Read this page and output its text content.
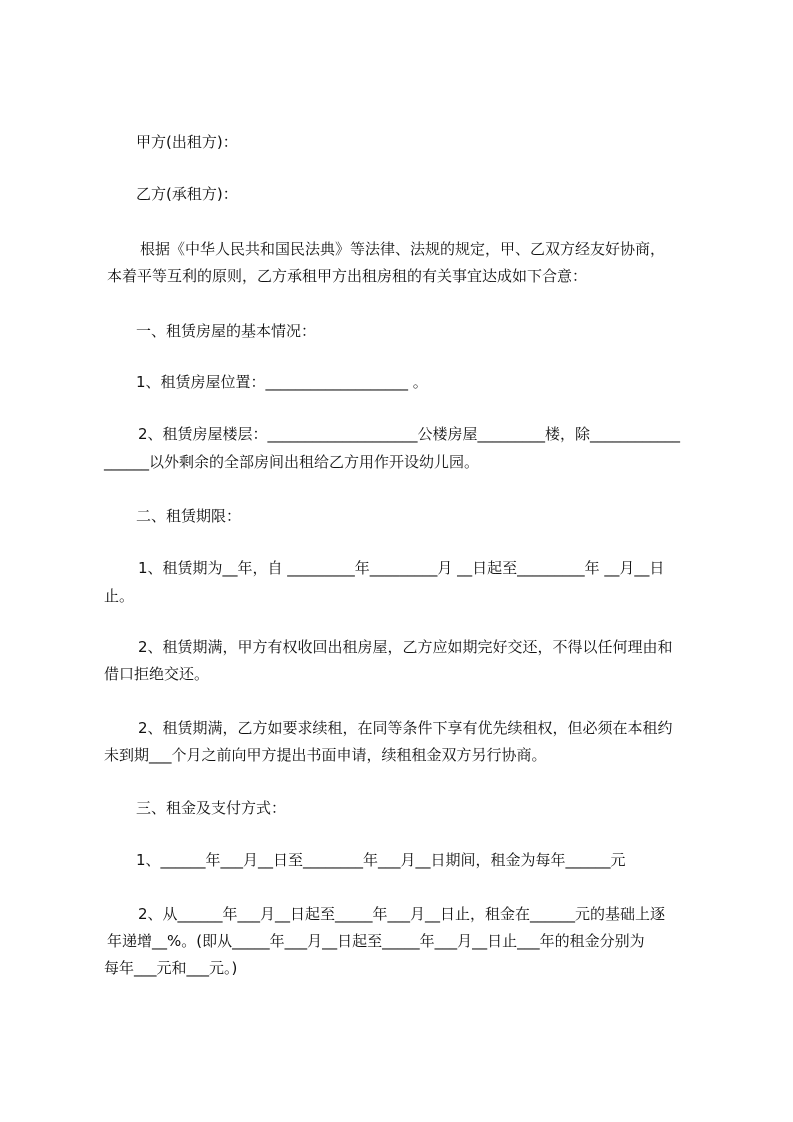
甲方(出租方)：
乙方(承租方)：
根据《中华人民共和国民法典》等法律、法规的规定，甲、乙双方经友好协商，
本着平等互利的原则，乙方承租甲方出租房租的有关事宜达成如下合意：
一、租赁房屋的基本情况：
1、租赁房屋位置：___________________ 。
2、租赁房屋楼层：____________________公楼房屋_________楼，除____________
______以外剩余的全部房间出租给乙方用作开设幼儿园。
二、租赁期限：
1、租赁期为__年，自 _________年_________月 __日起至_________年 __月__日
止。
2、租赁期满，甲方有权收回出租房屋，乙方应如期完好交还，不得以任何理由和
借口拒绝交还。
2、租赁期满，乙方如要求续租，在同等条件下享有优先续租权，但必须在本租约
未到期___个月之前向甲方提出书面申请，续租租金双方另行协商。
三、租金及支付方式：
1、______年___月__日至________年___月__日期间，租金为每年______元
2、从______年___月__日起至_____年___月__日止，租金在______元的基础上逐
年递增__%。(即从_____年___月__日起至_____年___月__日止___年的租金分别为
每年___元和___元。)
